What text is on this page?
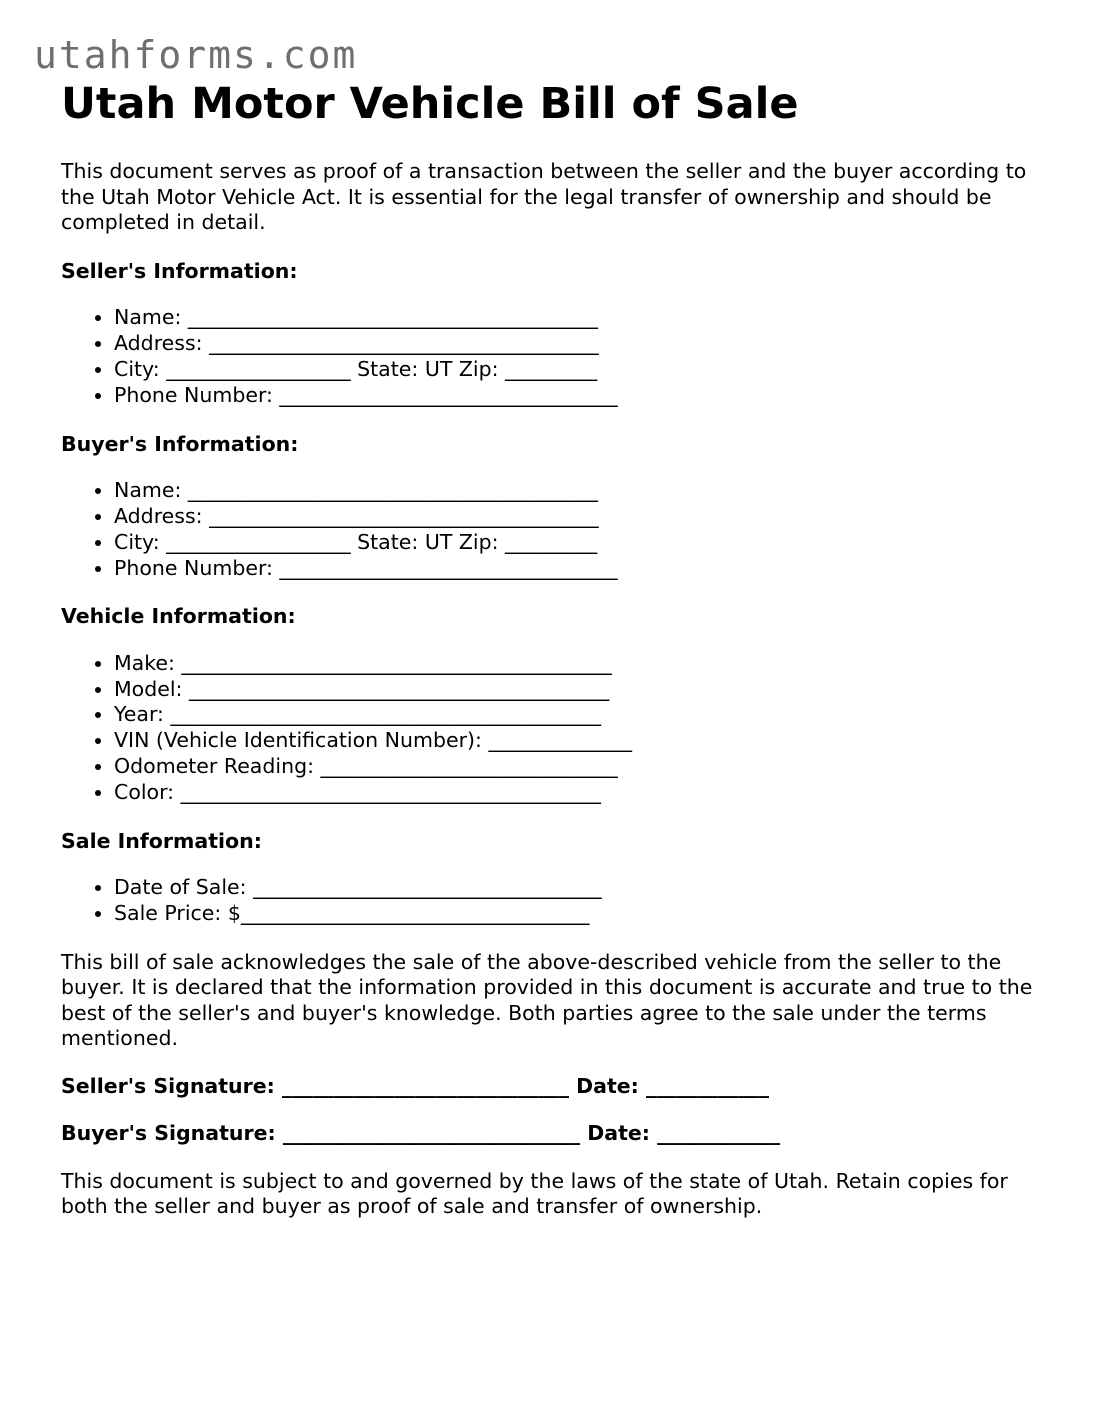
utahforms.com
Utah Motor Vehicle Bill of Sale

This document serves as proof of a transaction between the seller and the buyer according to the Utah Motor Vehicle Act. It is essential for the legal transfer of ownership and should be completed in detail.

Seller's Information:
• Name: ________________________________________
• Address: ______________________________________
• City: __________________ State: UT Zip: _________
• Phone Number: _________________________________
Buyer's Information:
• Name: ________________________________________
• Address: ______________________________________
• City: __________________ State: UT Zip: _________
• Phone Number: _________________________________
Vehicle Information:
• Make: __________________________________________
• Model: _________________________________________
• Year: __________________________________________
• VIN (Vehicle Identification Number): ______________
• Odometer Reading: _____________________________
• Color: _________________________________________
Sale Information:
• Date of Sale: __________________________________
• Sale Price: $__________________________________

This bill of sale acknowledges the sale of the above-described vehicle from the seller to the buyer. It is declared that the information provided in this document is accurate and true to the best of the seller's and buyer's knowledge. Both parties agree to the sale under the terms mentioned.

Seller's Signature: ____________________________ Date: ____________
Buyer's Signature: _____________________________ Date: ____________

This document is subject to and governed by the laws of the state of Utah. Retain copies for both the seller and buyer as proof of sale and transfer of ownership.
